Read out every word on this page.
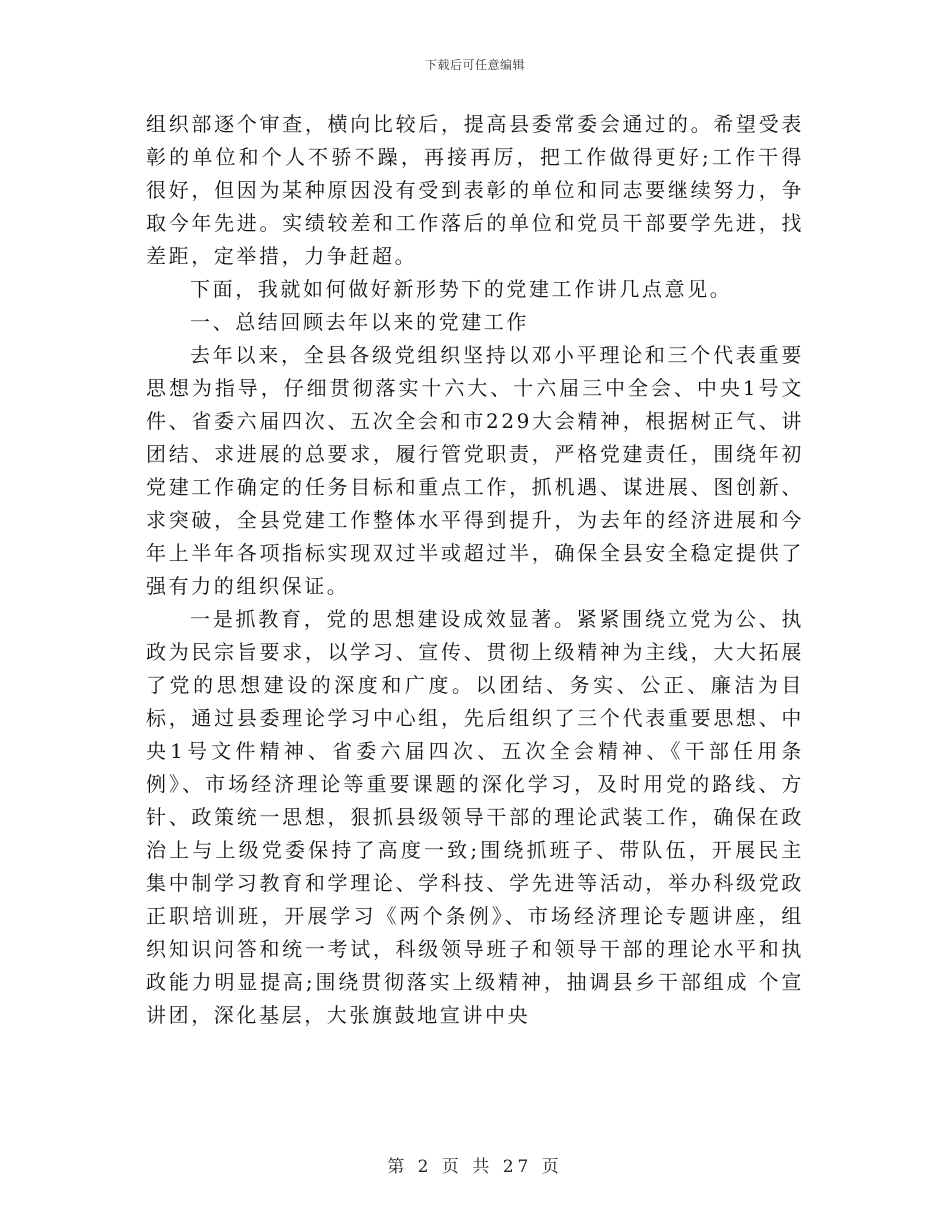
下载后可任意编辑

组织部逐个审查，横向比较后，提高县委常委会通过的。希望受表彰的单位和个人不骄不躁，再接再厉，把工作做得更好;工作干得很好，但因为某种原因没有受到表彰的单位和同志要继续努力，争取今年先进。实绩较差和工作落后的单位和党员干部要学先进，找差距，定举措，力争赶超。

下面，我就如何做好新形势下的党建工作讲几点意见。

一、总结回顾去年以来的党建工作

去年以来，全县各级党组织坚持以邓小平理论和三个代表重要思想为指导，仔细贯彻落实十六大、十六届三中全会、中央1号文件、省委六届四次、五次全会和市229大会精神，根据树正气、讲团结、求进展的总要求，履行管党职责，严格党建责任，围绕年初党建工作确定的任务目标和重点工作，抓机遇、谋进展、图创新、求突破，全县党建工作整体水平得到提升，为去年的经济进展和今年上半年各项指标实现双过半或超过半，确保全县安全稳定提供了强有力的组织保证。

一是抓教育，党的思想建设成效显著。紧紧围绕立党为公、执政为民宗旨要求，以学习、宣传、贯彻上级精神为主线，大大拓展了党的思想建设的深度和广度。以团结、务实、公正、廉洁为目标，通过县委理论学习中心组，先后组织了三个代表重要思想、中央1号文件精神、省委六届四次、五次全会精神、《干部任用条例》、市场经济理论等重要课题的深化学习，及时用党的路线、方针、政策统一思想，狠抓县级领导干部的理论武装工作，确保在政治上与上级党委保持了高度一致;围绕抓班子、带队伍，开展民主集中制学习教育和学理论、学科技、学先进等活动，举办科级党政正职培训班，开展学习《两个条例》、市场经济理论专题讲座，组织知识问答和统一考试，科级领导班子和领导干部的理论水平和执政能力明显提高;围绕贯彻落实上级精神，抽调县乡干部组成 个宣讲团，深化基层，大张旗鼓地宣讲中央

第 2 页 共 27 页
